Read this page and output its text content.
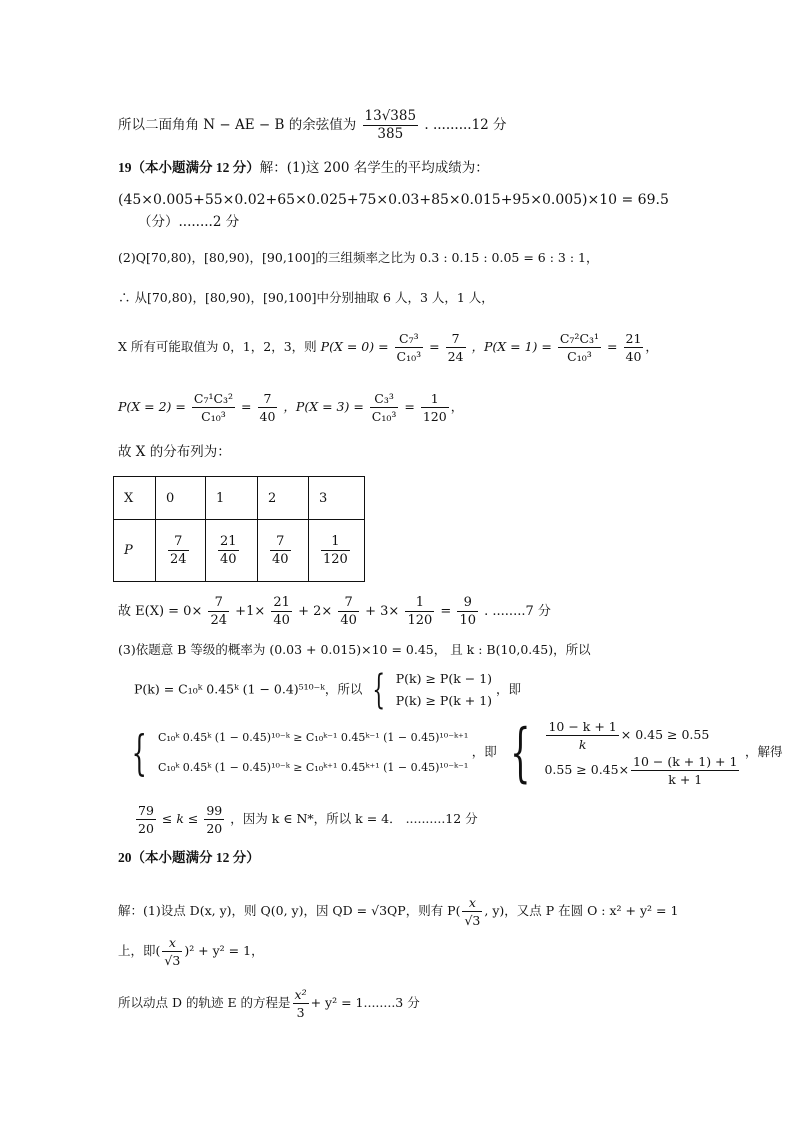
所以二面角角 N − AE − B 的余弦值为 $\frac{13√385}{385}$ . .........12 分
19（本小题满分 12 分）解：(1)这 200 名学生的平均成绩为：
(45×0.005+55×0.02+65×0.025+75×0.03+85×0.015+95×0.005)×10 = 69.5
（分）........2 分
(2)Q[70,80)，[80,90)，[90,100]的三组频率之比为 0.3 : 0.15 : 0.05 = 6 : 3 : 1，
∴ 从[70,80)，[80,90)，[90,100]中分别抽取 6 人，3 人，1 人，
X 所有可能取值为 0，1，2，3，则 $P(X = 0) = \frac{\text{C₇³}}{\text{C₁₀³}} = \frac{7}{24}$ ，$P(X = 1) = \frac{\text{C₇²C₃¹}}{\text{C₁₀³}} = \frac{21}{40}$ ，
$P(X = 2) = \frac{\text{C₇¹C₃²}}{\text{C₁₀³}} = \frac{7}{40}$ ，$P(X = 3) = \frac{\text{C₃³}}{\text{C₁₀³}} = \frac{1}{120}$ ，
故 X 的分布列为：
X	0	1	2	3
P	$\frac{7}{24}$	$\frac{21}{40}$	$\frac{7}{40}$	$\frac{1}{120}$
故 $E(X) = 0\times \frac{7}{24} +1\times \frac{21}{40} + 2\times \frac{7}{40} + 3\times \frac{1}{120} = \frac{9}{10}$ . ........7 分
(3)依题意 B 等级的概率为 (0.03 + 0.015)×10 = 0.45， 且 k : B(10,0.45)，所以
P(k) = C₁₀ᵏ 0.45ᵏ (1 − 0.4)⁵¹⁰⁻ᵏ，所以 { P(k) ≥ P(k − 1)
P(k) ≥ P(k + 1)
，即
{ C₁₀ᵏ 0.45ᵏ (1 − 0.45)¹⁰⁻ᵏ ≥ C₁₀ᵏ⁻¹ 0.45ᵏ⁻¹ (1 − 0.45)¹⁰⁻ᵏ⁺¹
C₁₀ᵏ 0.45ᵏ (1 − 0.45)¹⁰⁻ᵏ ≥ C₁₀ᵏ⁺¹ 0.45ᵏ⁺¹ (1 − 0.45)¹⁰⁻ᵏ⁻¹
，即 { $\frac{10 - k + 1}{k} \times 0.45 \ge 0.55$
$0.55 \ge 0.45\times \frac{10 - (k + 1) + 1}{k + 1}$
，解得
$\frac{79}{20} \le k \le \frac{99}{20}$ ，因为 k ∈ N*，所以 k = 4． ..........12 分
20（本小题满分 12 分）
解：(1)设点 D(x, y)，则 Q(0, y)，因 QD = √3QP，则有 $P( \frac{x}{√3}$ , y)，又点 P 在圆 O : x² + y² = 1
上，即( $\frac{x}{√3} )^2 + y^2 = 1$，
所以动点 D 的轨迹 E 的方程是 $\frac{\text{x²}}{3} + y^2 = 1........3$ 分
